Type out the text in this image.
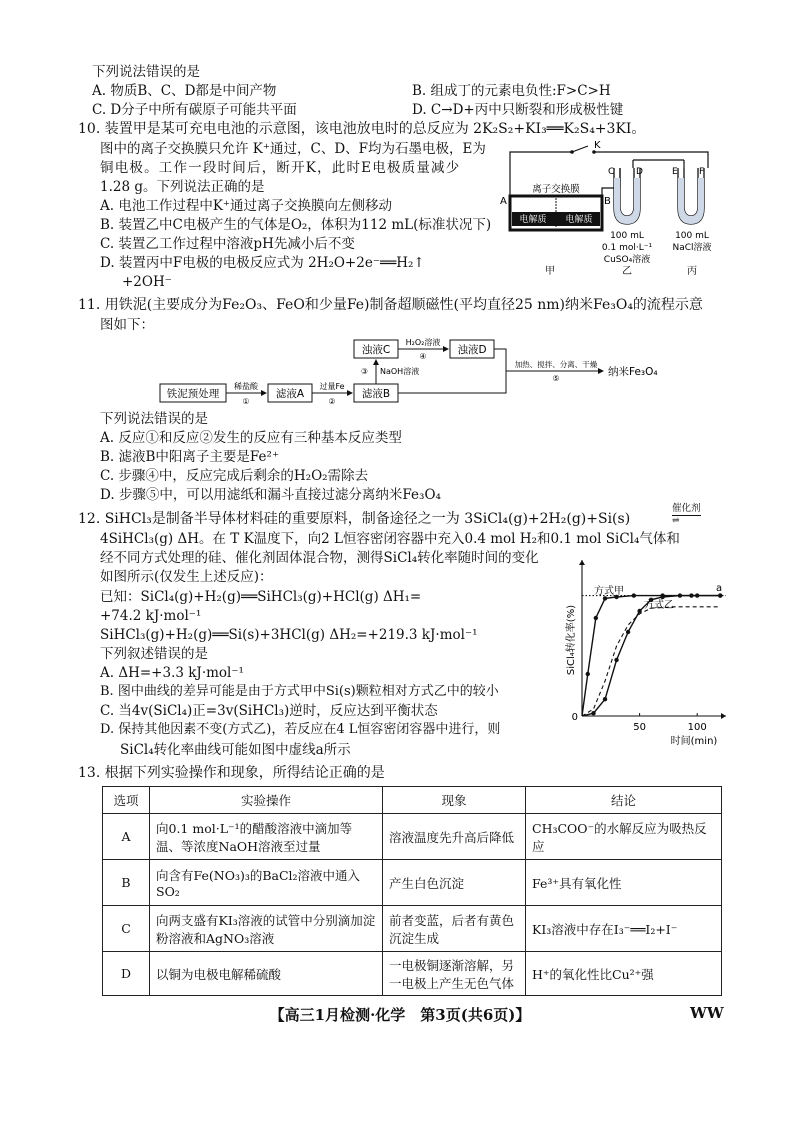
下列说法错误的是
A. 物质B、C、D都是中间产物	B. 组成丁的元素电负性:F>C>H
C. D分子中所有碳原子可能共平面	D. C→D+丙中只断裂和形成极性键
10. 装置甲是某可充电电池的示意图，该电池放电时的总反应为 2K₂S₂+KI₃══K₂S₄+3KI。
图中的离子交换膜只允许 K⁺通过，C、D、F均为石墨电极，E为
铜电极。工作一段时间后，断开K，此时E电极质量减少
1.28 g。下列说法正确的是
A. 电池工作过程中K⁺通过离子交换膜向左侧移动
B. 装置乙中C电极产生的气体是O₂，体积为112 mL(标准状况下)
C. 装置乙工作过程中溶液pH先减小后不变
D. 装置丙中F电极的电极反应式为 2H₂O+2e⁻══H₂↑
+2OH⁻
K
离子交换膜
电解质 电解质
A	B
C D	E F
100 mL
0.1 mol·L⁻¹
CuSO₄溶液
100 mL
NaCl溶液
甲	乙	丙
11. 用铁泥(主要成分为Fe₂O₃、FeO和少量Fe)制备超顺磁性(平均直径25 nm)纳米Fe₃O₄的流程示意
图如下：
铁泥预处理	滤液A	滤液B
浊液C	浊液D
稀盐酸
①
过量Fe
②
③ NaOH溶液
H₂O₂溶液
④
加热、搅拌、分离、干燥
⑤
纳米Fe₃O₄
下列说法错误的是
A. 反应①和反应②发生的反应有三种基本反应类型
B. 滤液B中阳离子主要是Fe²⁺
C. 步骤④中，反应完成后剩余的H₂O₂需除去
D. 步骤⑤中，可以用滤纸和漏斗直接过滤分离纳米Fe₃O₄
12. SiHCl₃是制备半导体材料硅的重要原料，制备途径之一为 3SiCl₄(g)+2H₂(g)+Si(s)
催化剂
⇌
4SiHCl₃(g) ΔH。在 T K温度下，向2 L恒容密闭容器中充入0.4 mol H₂和0.1 mol SiCl₄气体和
经不同方式处理的硅、催化剂固体混合物，测得SiCl₄转化率随时间的变化
如图所示(仅发生上述反应)：
已知：SiCl₄(g)+H₂(g)══SiHCl₃(g)+HCl(g) ΔH₁=
+74.2 kJ·mol⁻¹
SiHCl₃(g)+H₂(g)══Si(s)+3HCl(g) ΔH₂=+219.3 kJ·mol⁻¹
下列叙述错误的是
A. ΔH=+3.3 kJ·mol⁻¹
B. 图中曲线的差异可能是由于方式甲中Si(s)颗粒相对方式乙中的较小
C. 当4v(SiCl₄)正=3v(SiHCl₃)逆时，反应达到平衡状态
D. 保持其他因素不变(方式乙)，若反应在4 L恒容密闭容器中进行，则
SiCl₄转化率曲线可能如图中虚线a所示
SiCl₄转化率(%)
时间(min)
0
50	100
方式甲
方式乙
a
13. 根据下列实验操作和现象，所得结论正确的是
选项	实验操作	现象	结论
A	向0.1 mol·L⁻¹的醋酸溶液中滴加等温、等浓度NaOH溶液至过量	溶液温度先升高后降低	CH₃COO⁻的水解反应为吸热反应
B	向含有Fe(NO₃)₃的BaCl₂溶液中通入SO₂	产生白色沉淀	Fe³⁺具有氧化性
C	向两支盛有KI₃溶液的试管中分别滴加淀粉溶液和AgNO₃溶液	前者变蓝，后者有黄色沉淀生成	KI₃溶液中存在I₃⁻══I₂+I⁻
D	以铜为电极电解稀硫酸	一电极铜逐渐溶解，另一电极上产生无色气体	H⁺的氧化性比Cu²⁺强
【高三1月检测·化学　第3页(共6页)】	WW
